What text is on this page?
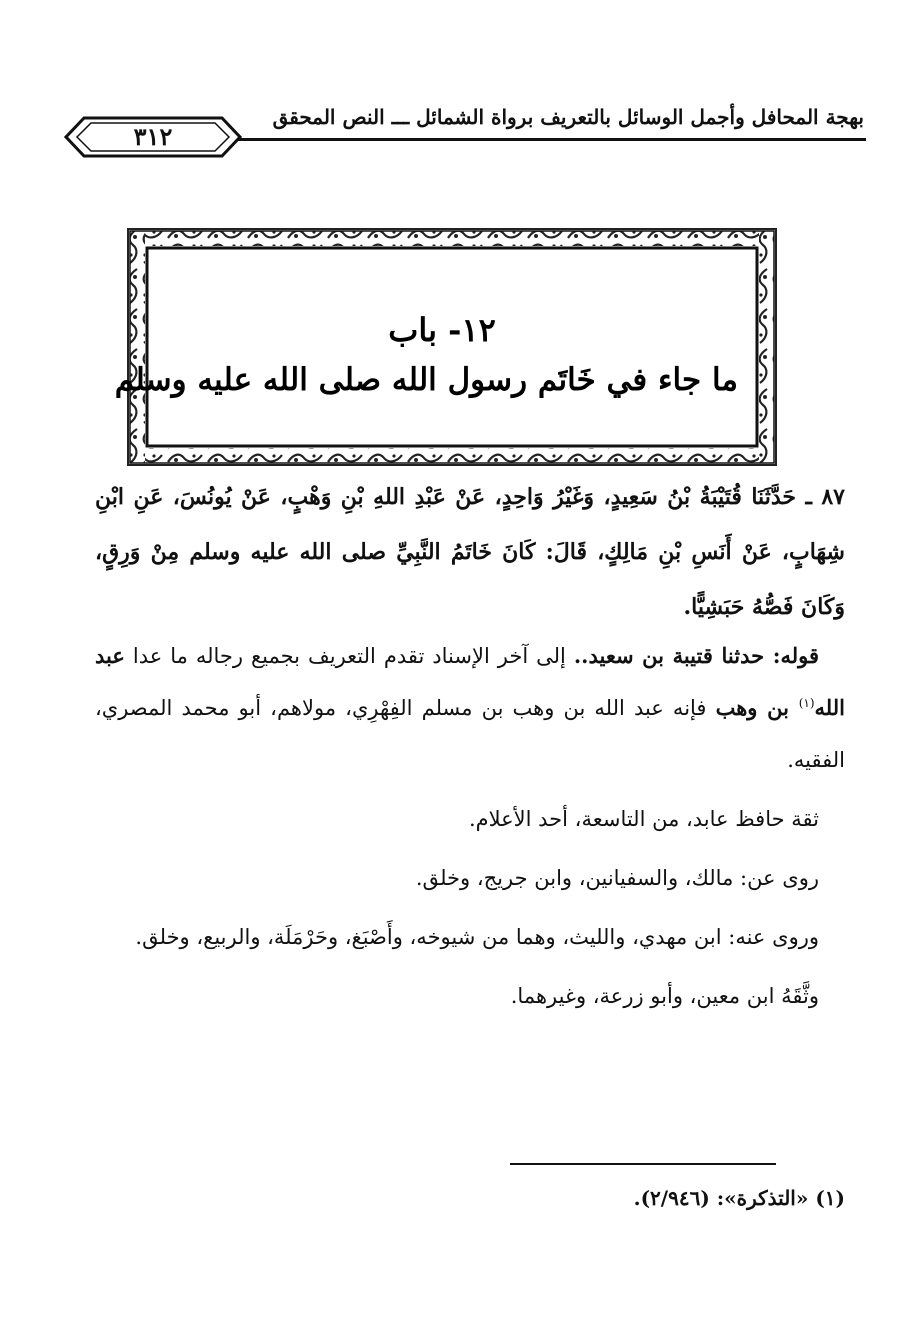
بهجة المحافل وأجمل الوسائل بالتعريف برواة الشمائل ـــ النص المحقق
٣١٢
١٢- باب
ما جاء في خَاتَم رسول الله صلى الله عليه وسلم
٨٧ ـ حَدَّثَنَا قُتَيْبَةُ بْنُ سَعِيدٍ، وَغَيْرُ وَاحِدٍ، عَنْ عَبْدِ اللهِ بْنِ وَهْبٍ، عَنْ يُونُسَ، عَنِ ابْنِ شِهَابٍ، عَنْ أَنَسِ بْنِ مَالِكٍ، قَالَ: كَانَ خَاتَمُ النَّبِيِّ صلى الله عليه وسلم مِنْ وَرِقٍ، وَكَانَ فَصُّهُ حَبَشِيًّا.

قوله: حدثنا قتيبة بن سعيد.. إلى آخر الإسناد تقدم التعريف بجميع رجاله ما عدا عبد الله$^{(١)}$ بن وهب فإنه عبد الله بن وهب بن مسلم الفِهْرِي، مولاهم، أبو محمد المصري، الفقيه.

ثقة حافظ عابد، من التاسعة، أحد الأعلام.

روى عن: مالك، والسفيانين، وابن جريج، وخلق.

وروى عنه: ابن مهدي، والليث، وهما من شيوخه، وأَصْبَغ، وحَرْمَلَة، والربيع، وخلق.

وثَّقَهُ ابن معين، وأبو زرعة، وغيرهما.

(١) «التذكرة»: (٢/٩٤٦).
